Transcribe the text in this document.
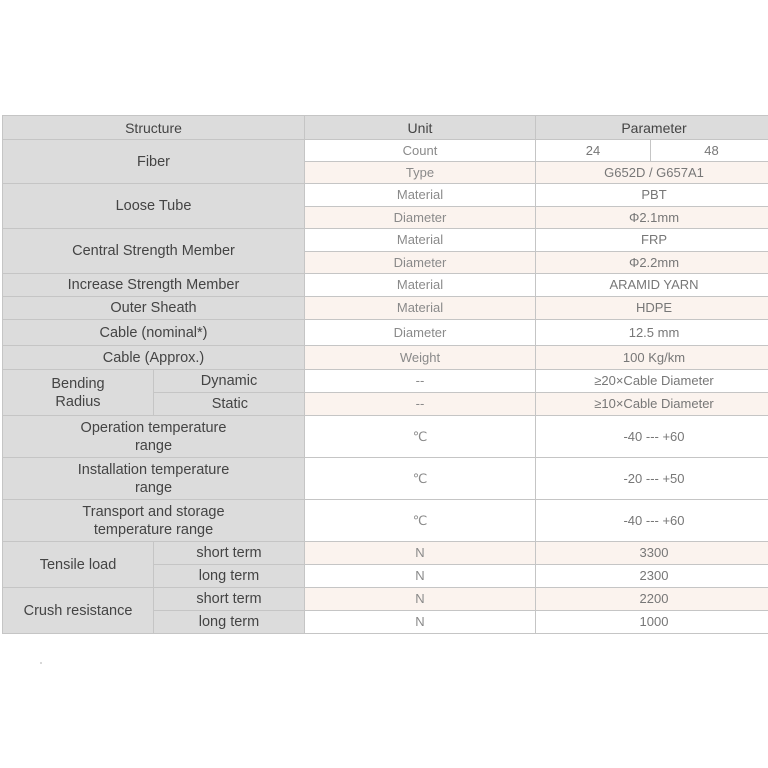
Structure		Unit	Parameter	
Fiber		Count	24	48
		Type	G652D / G657A1	
Loose Tube		Material	PBT	
		Diameter	Φ2.1mm	
Central Strength Member		Material	FRP	
		Diameter	Φ2.2mm	
Increase Strength Member		Material	ARAMID YARN	
Outer Sheath		Material	HDPE	
Cable (nominal*)		Diameter	12.5 mm	
Cable (Approx.)		Weight	100 Kg/km	
Bending
Radius	Dynamic	--	≥20×Cable Diameter	
	Static	--	≥10×Cable Diameter	
Operation temperature
range		℃	-40 --- +60	
Installation temperature
range		℃	-20 --- +50	
Transport and storage
temperature range		℃	-40 --- +60	
Tensile load	short term	N	3300	
	long term	N	2300	
Crush resistance	short term	N	2200	
	long term	N	1000	
